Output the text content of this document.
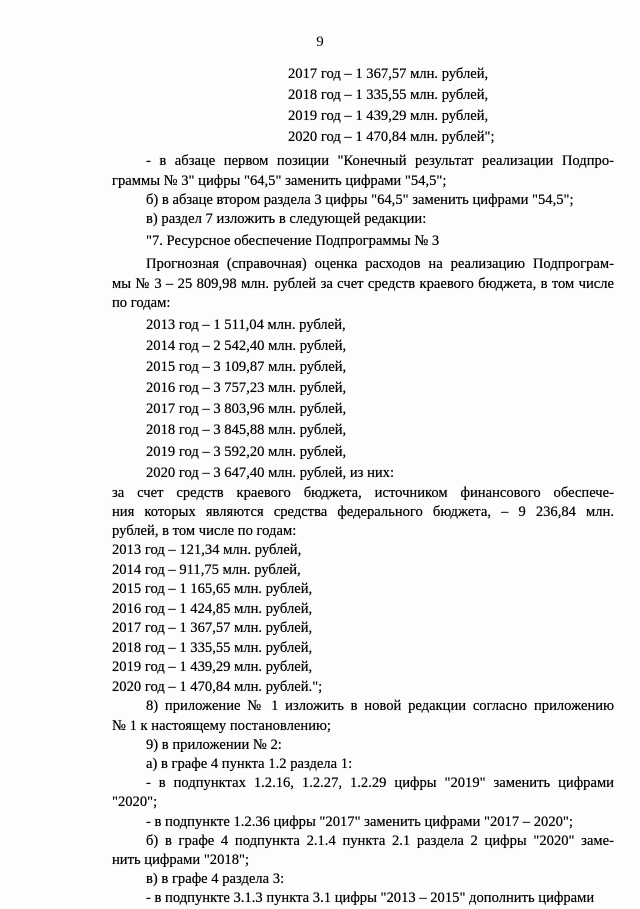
9
2017 год – 1 367,57 млн. рублей,
2018 год – 1 335,55 млн. рублей,
2019 год – 1 439,29 млн. рублей,
2020 год – 1 470,84 млн. рублей";
- в абзаце первом позиции "Конечный результат реализации Подпро-
граммы № 3" цифры "64,5" заменить цифрами "54,5";
б) в абзаце втором раздела 3 цифры "64,5" заменить цифрами "54,5";
в) раздел 7 изложить в следующей редакции:
"7. Ресурсное обеспечение Подпрограммы № 3
Прогнозная (справочная) оценка расходов на реализацию Подпрограм-
мы № 3 – 25 809,98 млн. рублей за счет средств краевого бюджета, в том числе
по годам:
2013 год – 1 511,04 млн. рублей,
2014 год – 2 542,40 млн. рублей,
2015 год – 3 109,87 млн. рублей,
2016 год – 3 757,23 млн. рублей,
2017 год – 3 803,96 млн. рублей,
2018 год – 3 845,88 млн. рублей,
2019 год – 3 592,20 млн. рублей,
2020 год – 3 647,40 млн. рублей, из них:
за счет средств краевого бюджета, источником финансового обеспече-
ния которых являются средства федерального бюджета, – 9 236,84 млн.
рублей, в том числе по годам:
2013 год – 121,34 млн. рублей,
2014 год – 911,75 млн. рублей,
2015 год – 1 165,65 млн. рублей,
2016 год – 1 424,85 млн. рублей,
2017 год – 1 367,57 млн. рублей,
2018 год – 1 335,55 млн. рублей,
2019 год – 1 439,29 млн. рублей,
2020 год – 1 470,84 млн. рублей.";
8) приложение № 1 изложить в новой редакции согласно приложению
№ 1 к настоящему постановлению;
9) в приложении № 2:
а) в графе 4 пункта 1.2 раздела 1:
- в подпунктах 1.2.16, 1.2.27, 1.2.29 цифры "2019" заменить цифрами
"2020";
- в подпункте 1.2.36 цифры "2017" заменить цифрами "2017 – 2020";
б) в графе 4 подпункта 2.1.4 пункта 2.1 раздела 2 цифры "2020" заме-
нить цифрами "2018";
в) в графе 4 раздела 3:
- в подпункте 3.1.3 пункта 3.1 цифры "2013 – 2015" дополнить цифрами
